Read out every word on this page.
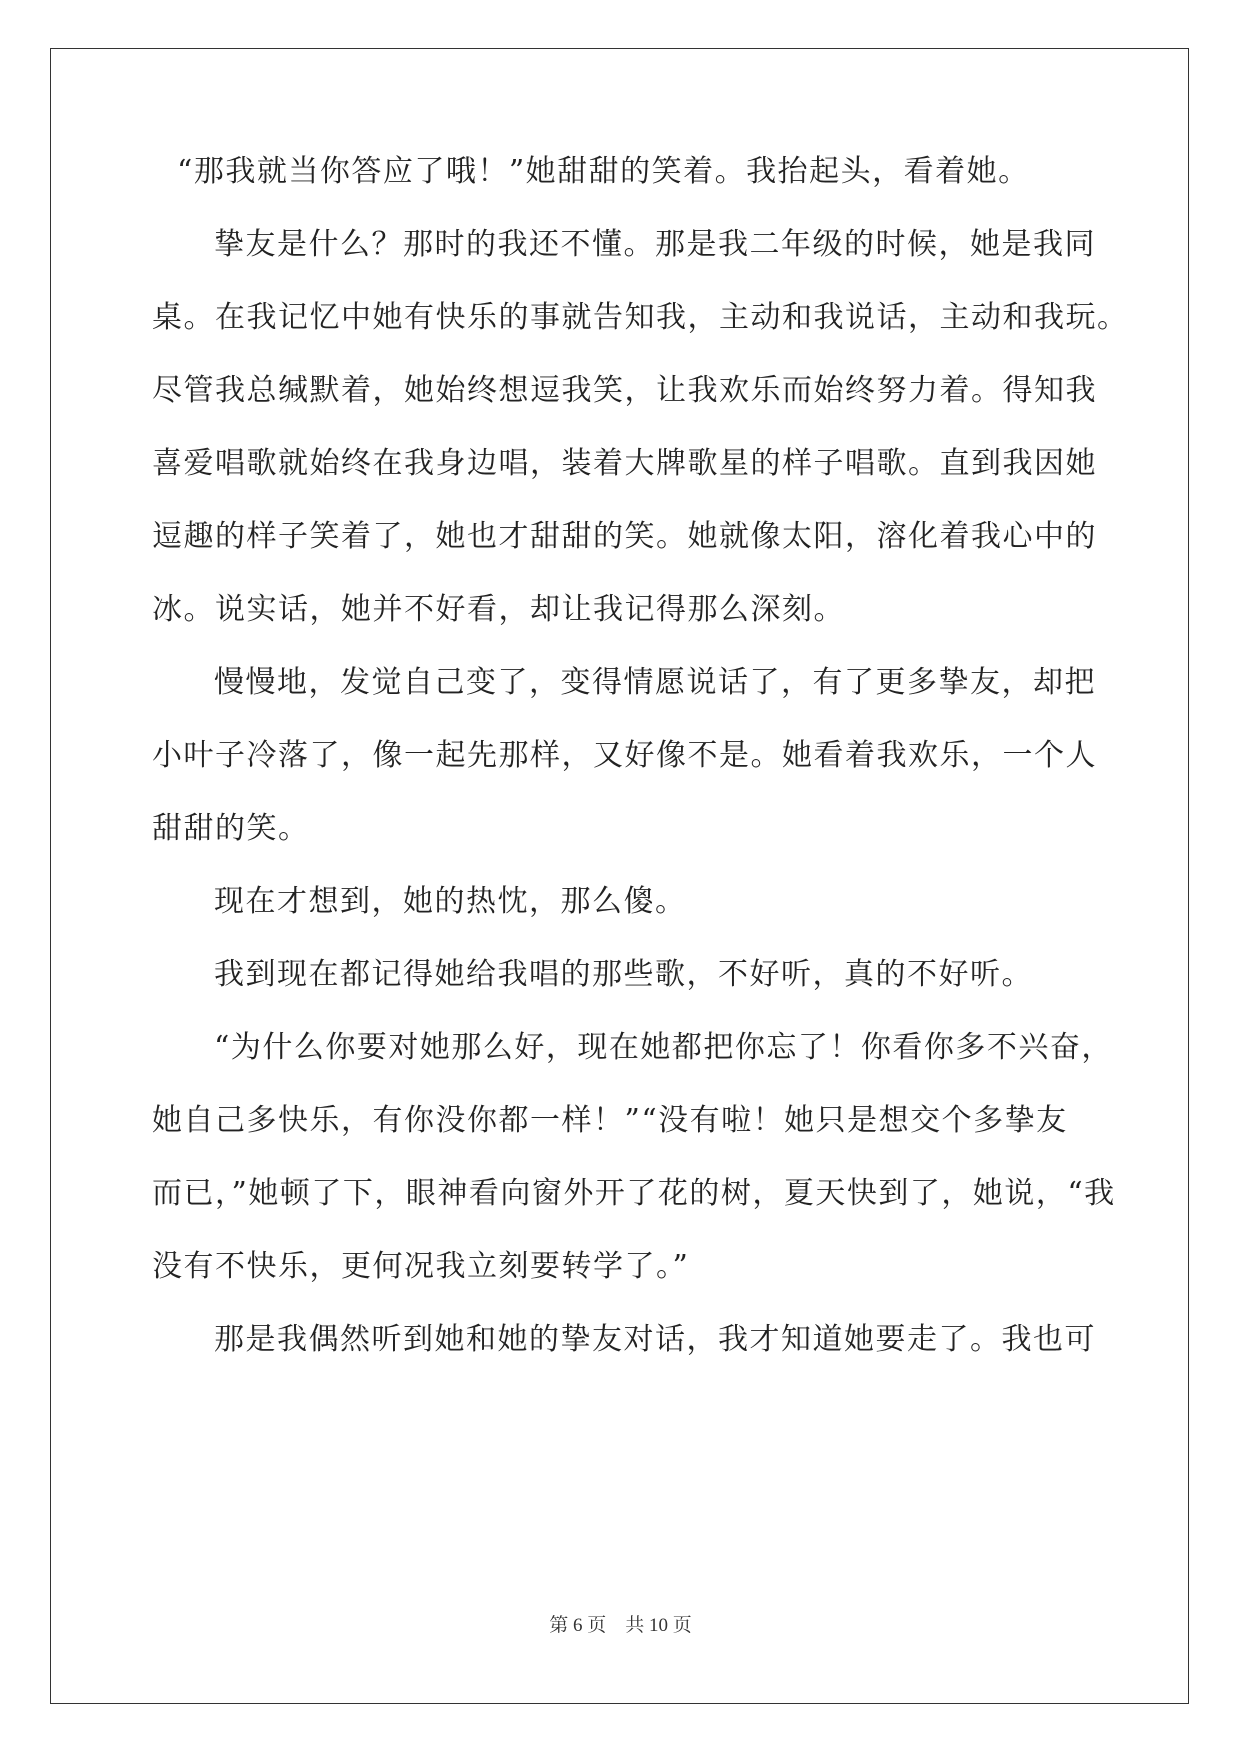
“那我就当你答应了哦！”她甜甜的笑着。我抬起头，看着她。
挚友是什么？那时的我还不懂。那是我二年级的时候，她是我同
桌。在我记忆中她有快乐的事就告知我，主动和我说话，主动和我玩。
尽管我总缄默着，她始终想逗我笑，让我欢乐而始终努力着。得知我
喜爱唱歌就始终在我身边唱，装着大牌歌星的样子唱歌。直到我因她
逗趣的样子笑着了，她也才甜甜的笑。她就像太阳，溶化着我心中的
冰。说实话，她并不好看，却让我记得那么深刻。
慢慢地，发觉自己变了，变得情愿说话了，有了更多挚友，却把
小叶子冷落了，像一起先那样，又好像不是。她看着我欢乐，一个人
甜甜的笑。
现在才想到，她的热忱，那么傻。
我到现在都记得她给我唱的那些歌，不好听，真的不好听。
“为什么你要对她那么好，现在她都把你忘了！你看你多不兴奋，
她自己多快乐，有你没你都一样！”“没有啦！她只是想交个多挚友
而已，”她顿了下，眼神看向窗外开了花的树，夏天快到了，她说，“我
没有不快乐，更何况我立刻要转学了。”
那是我偶然听到她和她的挚友对话，我才知道她要走了。我也可
第 6 页　共 10 页
